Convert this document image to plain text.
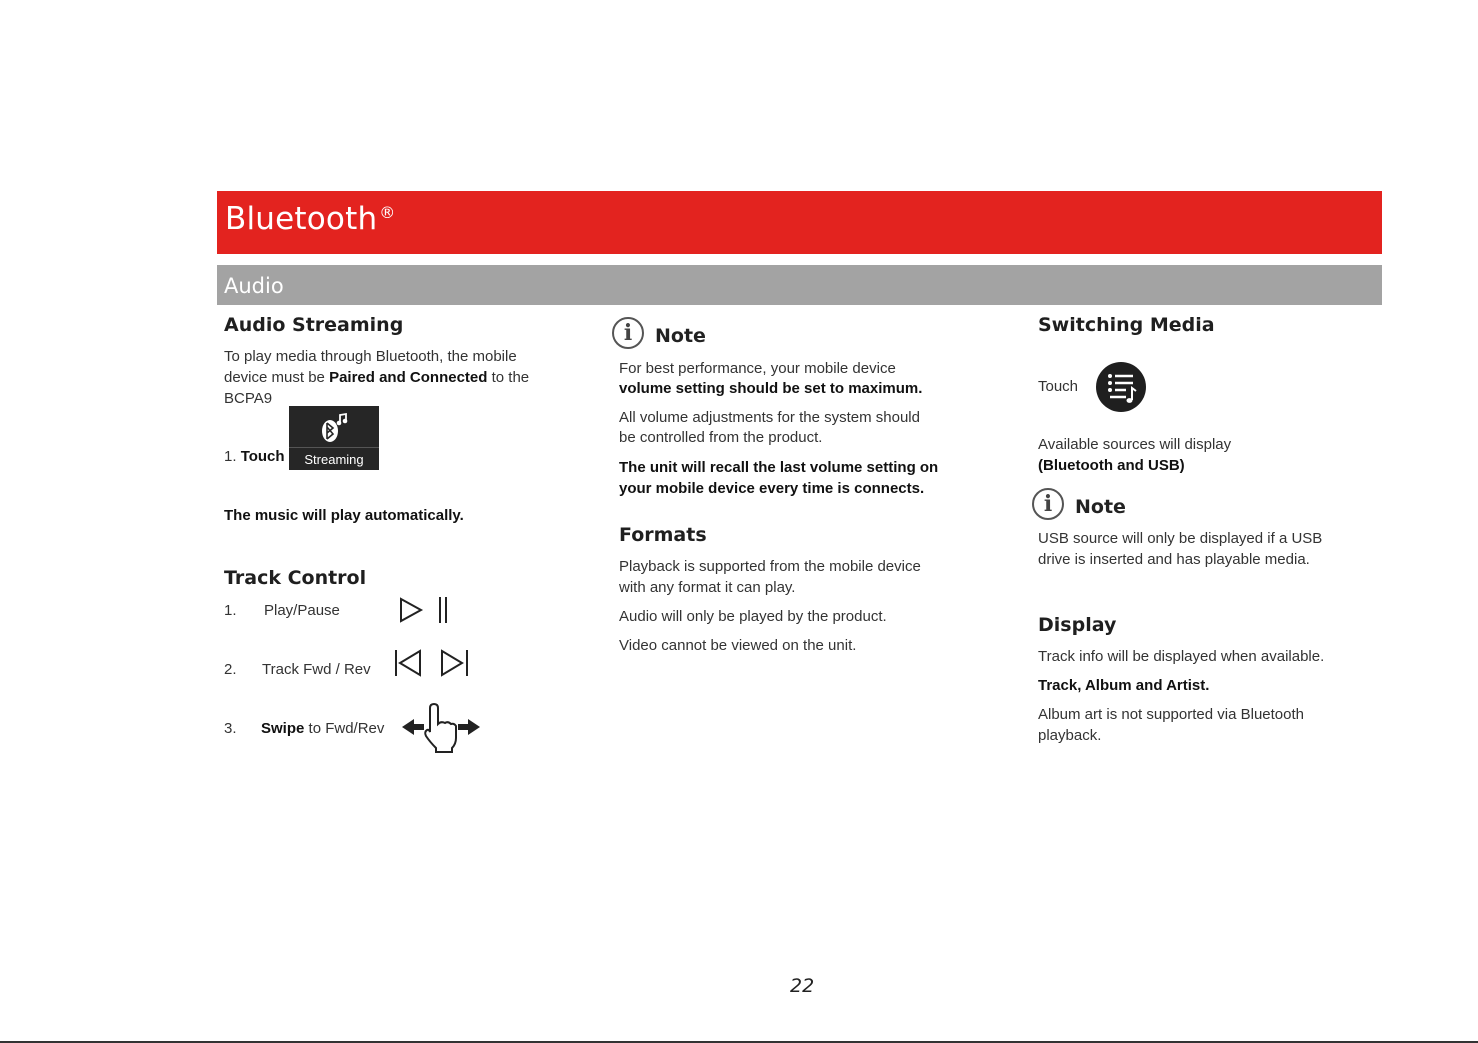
Bluetooth ®
Audio
Audio Streaming
To play media through Bluetooth, the mobile
device must be Paired and Connected to the
BCPA9
1. Touch	Streaming
The music will play automatically.
Track Control
1. Play/Pause
2. Track Fwd / Rev
3. Swipe to Fwd/Rev
i	Note
For best performance, your mobile device
volume setting should be set to maximum.
All volume adjustments for the system should
be controlled from the product.
The unit will recall the last volume setting on
your mobile device every time is connects.
Formats
Playback is supported from the mobile device
with any format it can play.
Audio will only be played by the product.
Video cannot be viewed on the unit.
Switching Media
Touch
Available sources will display
(Bluetooth and USB)
i	Note
USB source will only be displayed if a USB
drive is inserted and has playable media.
Display
Track info will be displayed when available.
Track, Album and Artist.
Album art is not supported via Bluetooth
playback.
22
